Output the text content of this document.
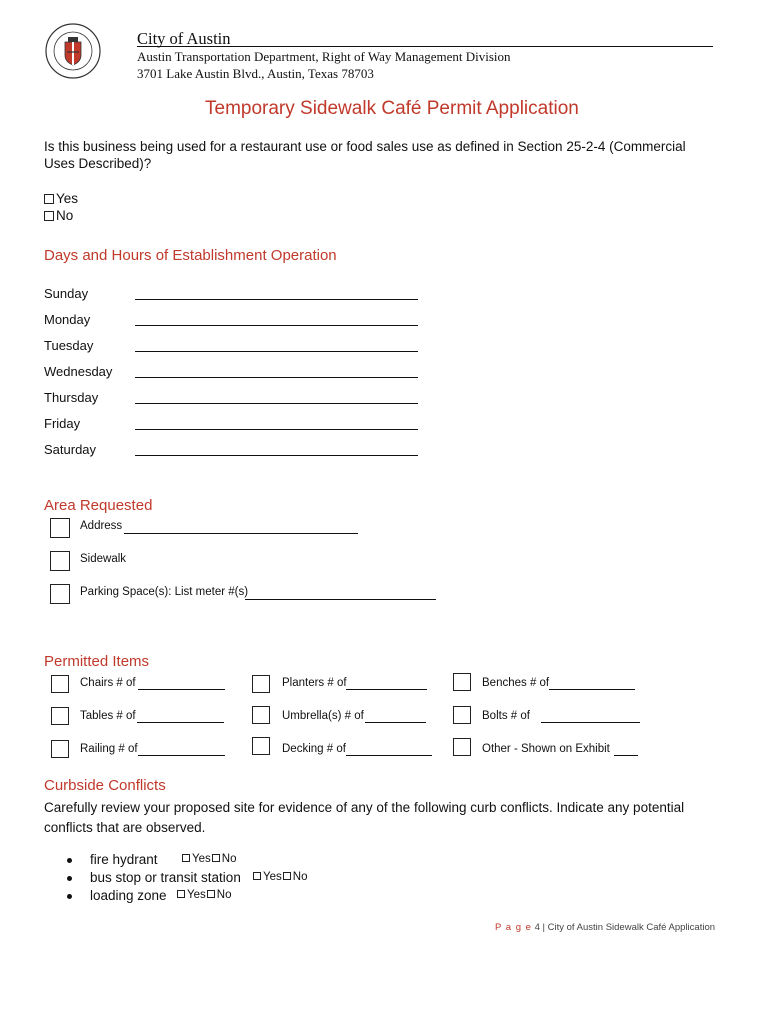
City of Austin
Austin Transportation Department, Right of Way Management Division
3701 Lake Austin Blvd., Austin, Texas 78703
Temporary Sidewalk Café Permit Application
Is this business being used for a restaurant use or food sales use as defined in Section 25-2-4 (Commercial Uses Described)?
Yes
No
Days and Hours of Establishment Operation
Sunday
Monday
Tuesday
Wednesday
Thursday
Friday
Saturday
Area Requested
Address
Sidewalk
Parking Space(s): List meter #(s)
Permitted Items
Chairs # of	Planters # of	Benches # of
Tables # of	Umbrella(s) # of	Bolts # of
Railing # of	Decking # of	Other - Shown on Exhibit
Curbside Conflicts
Carefully review your proposed site for evidence of any of the following curb conflicts. Indicate any potential conflicts that are observed.
fire hydrant	Yes No
bus stop or transit station	Yes No
loading zone	Yes No
P a g e 4 | City of Austin Sidewalk Café Application
